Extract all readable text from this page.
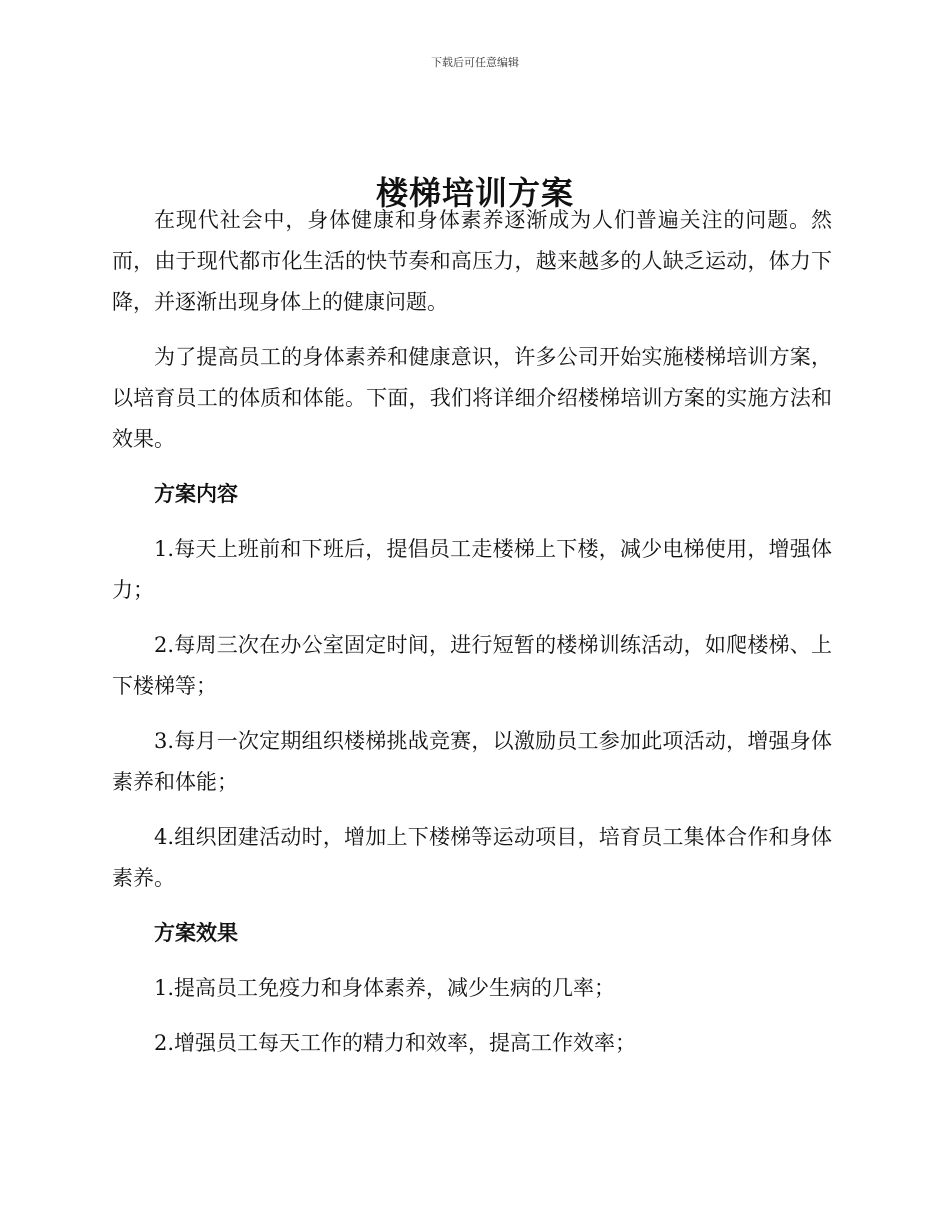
下载后可任意编辑
楼梯培训方案

在现代社会中，身体健康和身体素养逐渐成为人们普遍关注的问题。然而，由于现代都市化生活的快节奏和高压力，越来越多的人缺乏运动，体力下降，并逐渐出现身体上的健康问题。

为了提高员工的身体素养和健康意识，许多公司开始实施楼梯培训方案，以培育员工的体质和体能。下面，我们将详细介绍楼梯培训方案的实施方法和效果。

方案内容

1.每天上班前和下班后，提倡员工走楼梯上下楼，减少电梯使用，增强体力；

2.每周三次在办公室固定时间，进行短暂的楼梯训练活动，如爬楼梯、上下楼梯等；

3.每月一次定期组织楼梯挑战竞赛，以激励员工参加此项活动，增强身体素养和体能；

4.组织团建活动时，增加上下楼梯等运动项目，培育员工集体合作和身体素养。

方案效果

1.提高员工免疫力和身体素养，减少生病的几率；

2.增强员工每天工作的精力和效率，提高工作效率；
